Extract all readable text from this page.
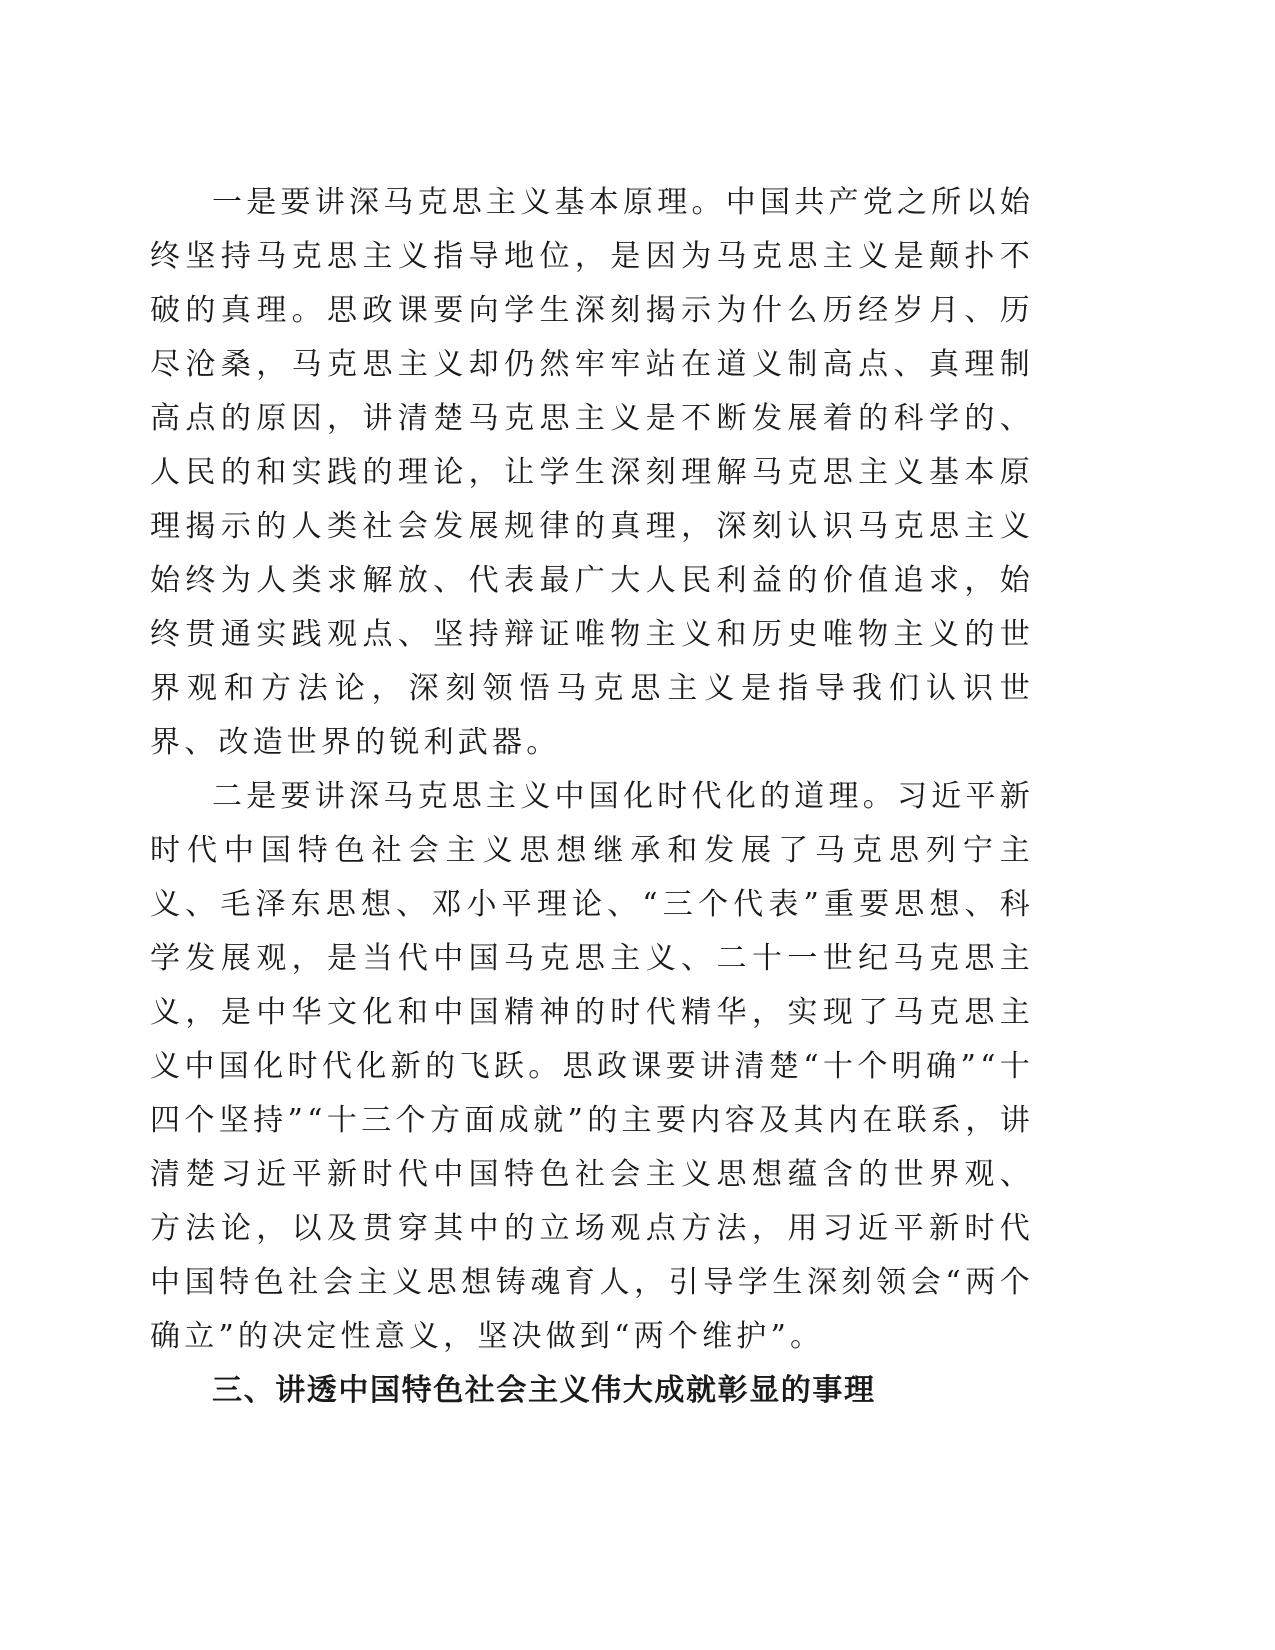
一是要讲深马克思主义基本原理。中国共产党之所以始终坚持马克思主义指导地位，是因为马克思主义是颠扑不破的真理。思政课要向学生深刻揭示为什么历经岁月、历尽沧桑，马克思主义却仍然牢牢站在道义制高点、真理制高点的原因，讲清楚马克思主义是不断发展着的科学的、人民的和实践的理论，让学生深刻理解马克思主义基本原理揭示的人类社会发展规律的真理，深刻认识马克思主义始终为人类求解放、代表最广大人民利益的价值追求，始终贯通实践观点、坚持辩证唯物主义和历史唯物主义的世界观和方法论，深刻领悟马克思主义是指导我们认识世界、改造世界的锐利武器。

二是要讲深马克思主义中国化时代化的道理。习近平新时代中国特色社会主义思想继承和发展了马克思列宁主义、毛泽东思想、邓小平理论、“三个代表”重要思想、科学发展观，是当代中国马克思主义、二十一世纪马克思主义，是中华文化和中国精神的时代精华，实现了马克思主义中国化时代化新的飞跃。思政课要讲清楚“十个明确”“十四个坚持”“十三个方面成就”的主要内容及其内在联系，讲清楚习近平新时代中国特色社会主义思想蕴含的世界观、方法论，以及贯穿其中的立场观点方法，用习近平新时代中国特色社会主义思想铸魂育人，引导学生深刻领会“两个确立”的决定性意义，坚决做到“两个维护”。

三、讲透中国特色社会主义伟大成就彰显的事理
